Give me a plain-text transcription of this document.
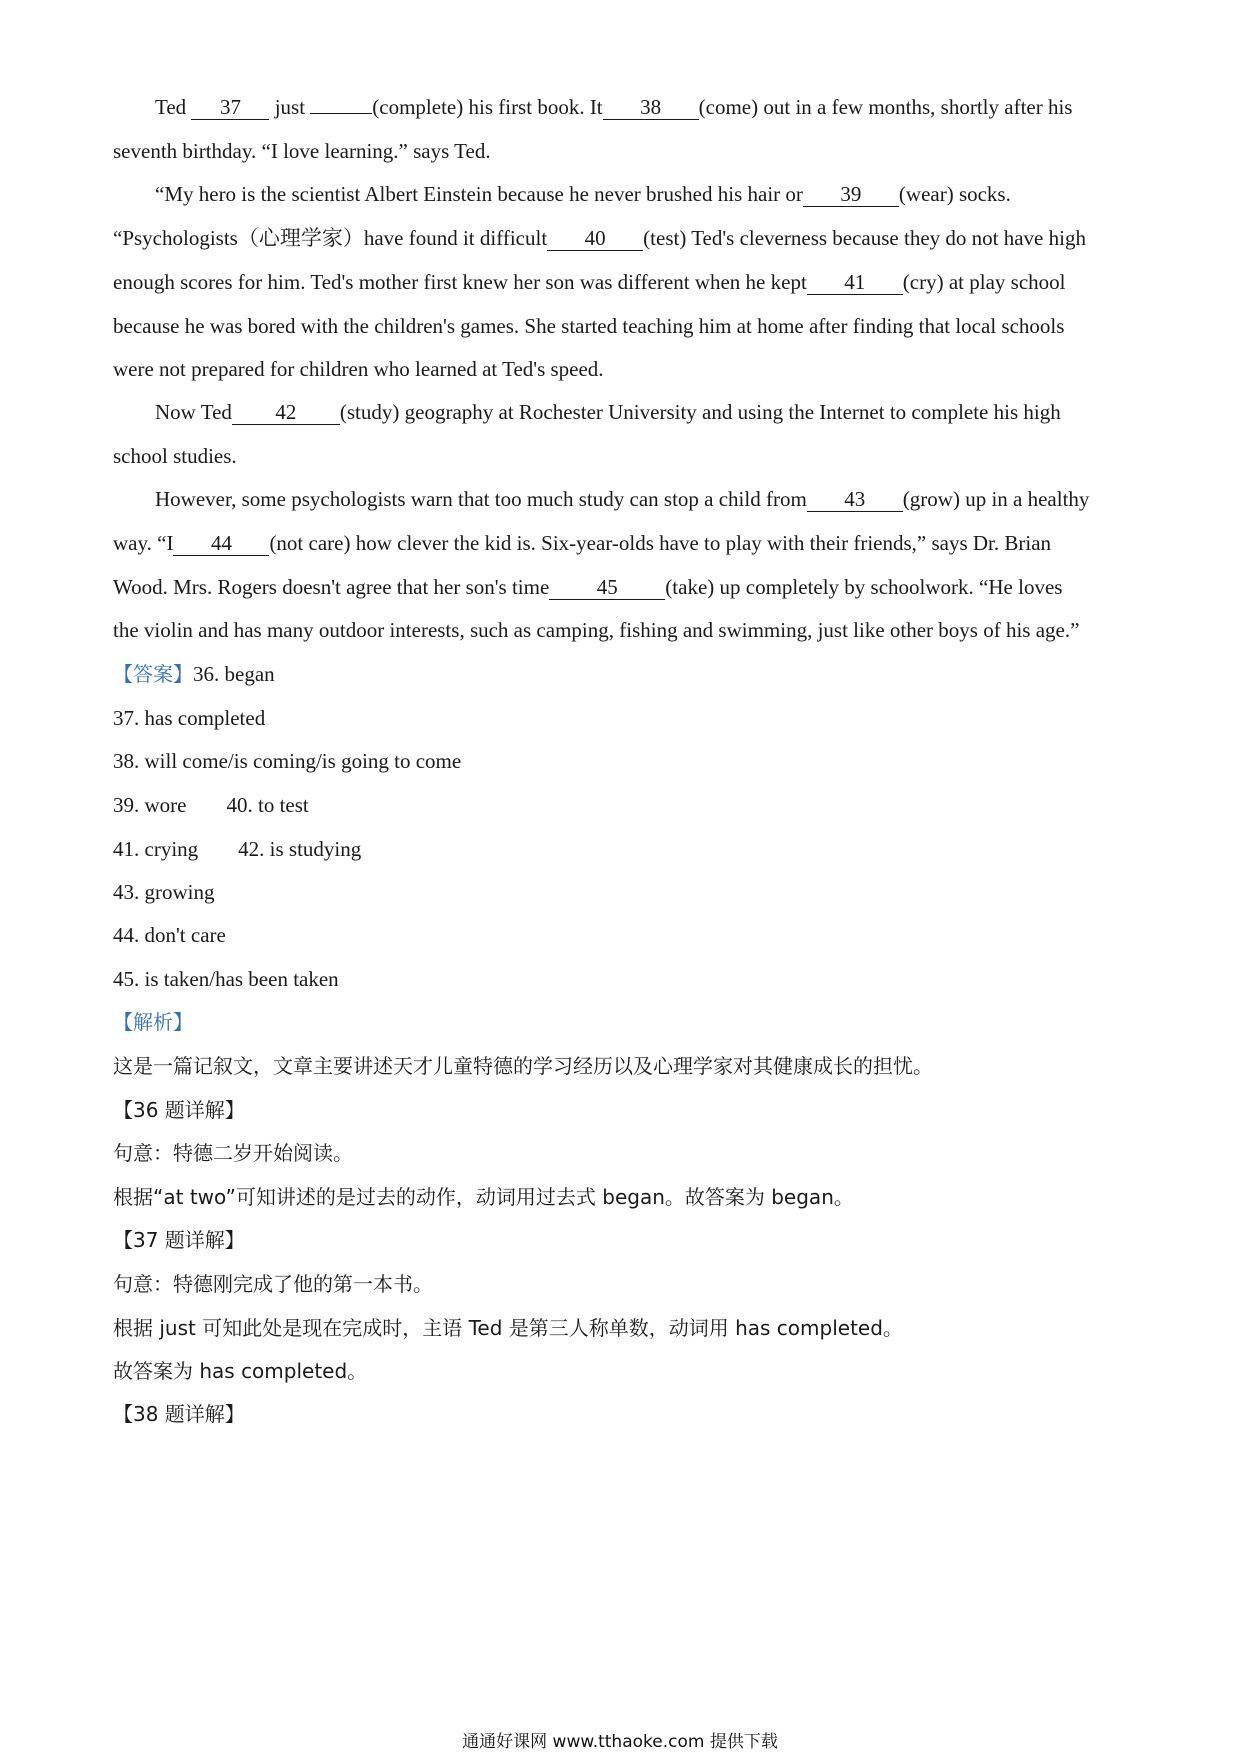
Ted 37 just	(complete) his first book. It 38 (come) out in a few months, shortly after his
seventh birthday. “I love learning.” says Ted.
“My hero is the scientist Albert Einstein because he never brushed his hair or 39 (wear) socks.
“Psychologists（心理学家）have found it difficult 40 (test) Ted's cleverness because they do not have high
enough scores for him. Ted's mother first knew her son was different when he kept 41 (cry) at play school
because he was bored with the children's games. She started teaching him at home after finding that local schools
were not prepared for children who learned at Ted's speed.
Now Ted 42 (study) geography at Rochester University and using the Internet to complete his high
school studies.
However, some psychologists warn that too much study can stop a child from 43 (grow) up in a healthy
way. “I 44 (not care) how clever the kid is. Six-year-olds have to play with their friends,” says Dr. Brian
Wood. Mrs. Rogers doesn't agree that her son's time 45 (take) up completely by schoolwork. “He loves
the violin and has many outdoor interests, such as camping, fishing and swimming, just like other boys of his age.”
【答案】36. began
37. has completed
38. will come/is coming/is going to come
39. wore 40. to test
41. crying 42. is studying
43. growing
44. don't care
45. is taken/has been taken
【解析】
这是一篇记叙文，文章主要讲述天才儿童特德的学习经历以及心理学家对其健康成长的担忧。
【36 题详解】
句意：特德二岁开始阅读。
根据“at two”可知讲述的是过去的动作，动词用过去式 began。故答案为 began。
【37 题详解】
句意：特德刚完成了他的第一本书。
根据 just 可知此处是现在完成时，主语 Ted 是第三人称单数，动词用 has completed。
故答案为 has completed。
【38 题详解】
通通好课网 www.tthaoke.com 提供下载
